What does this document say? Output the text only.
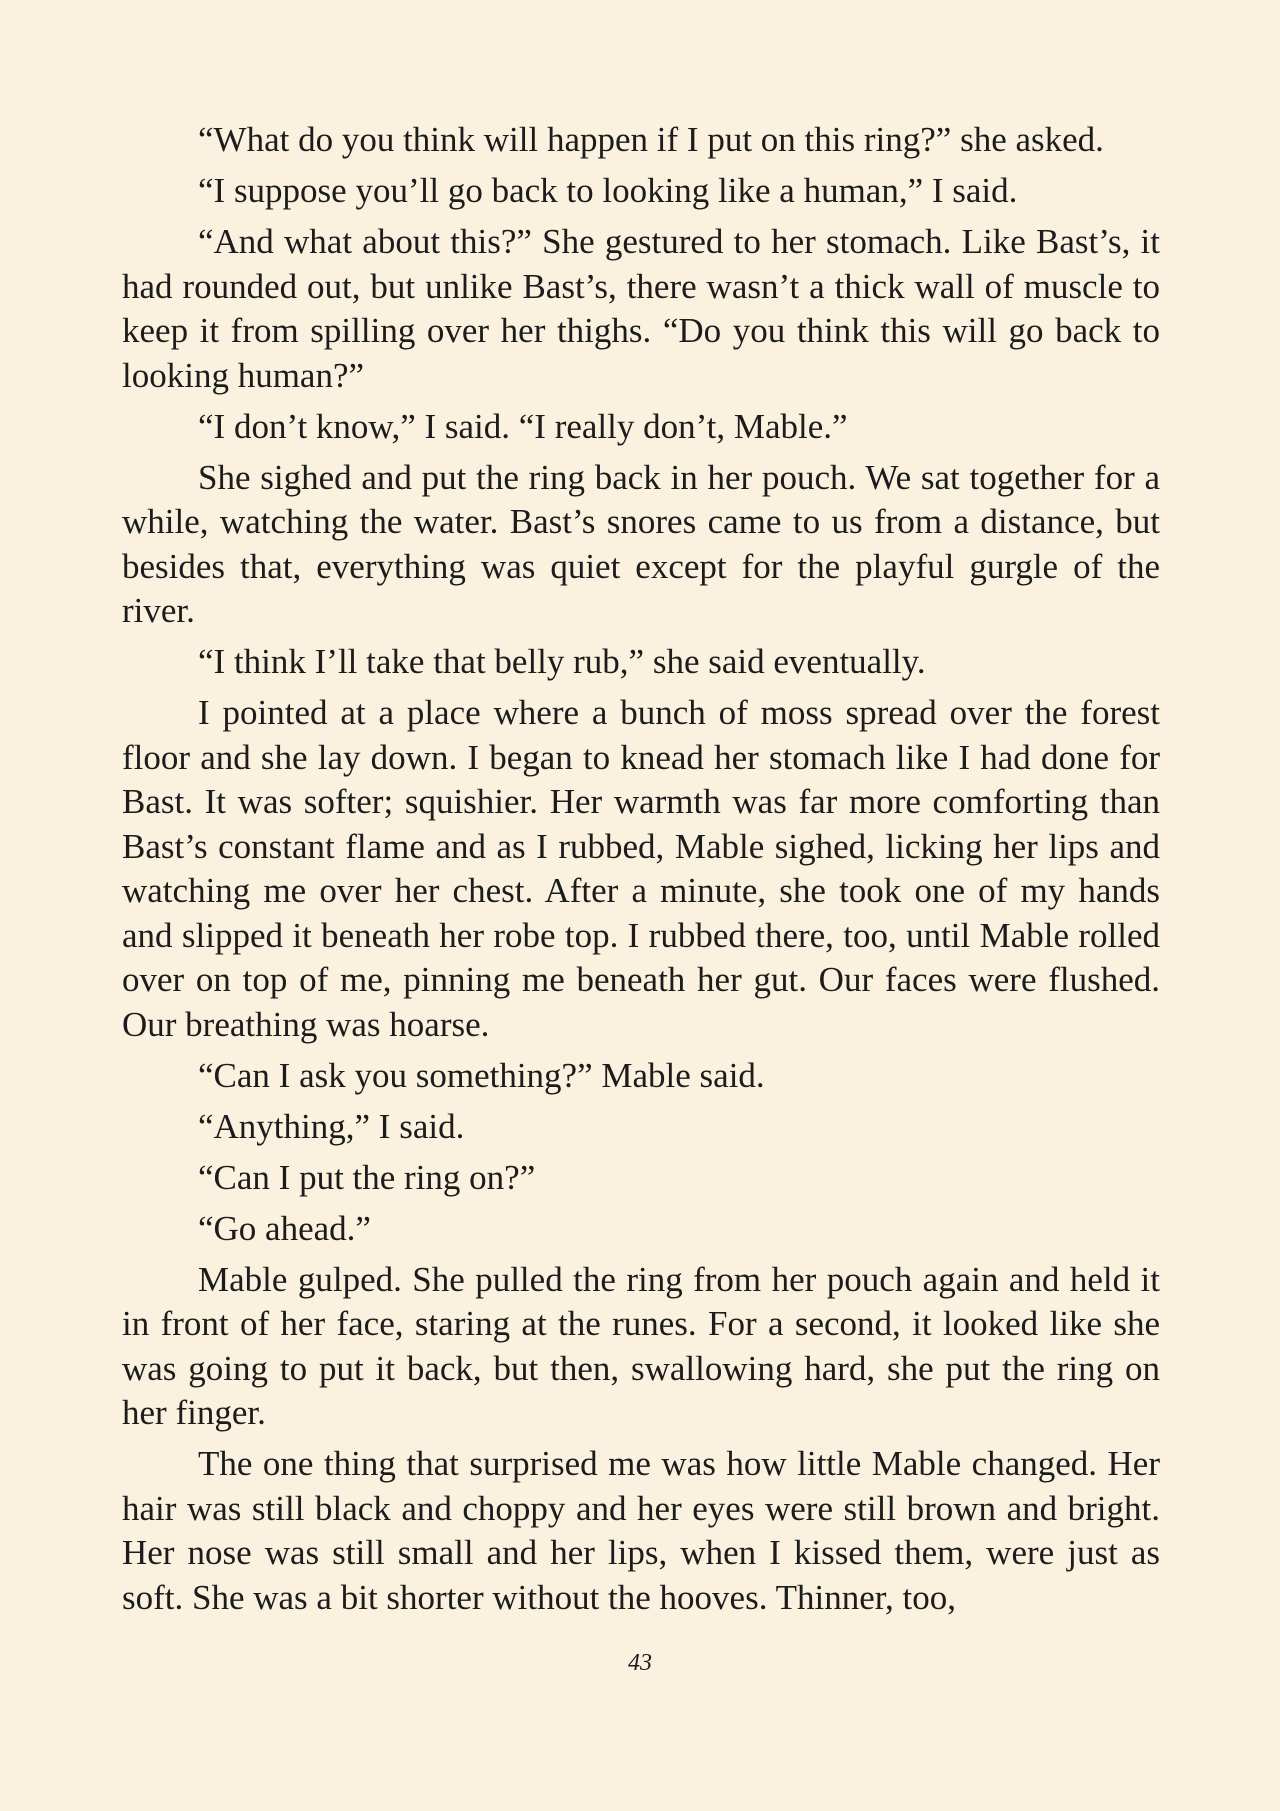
“What do you think will happen if I put on this ring?” she asked.

“I suppose you’ll go back to looking like a human,” I said.

“And what about this?” She gestured to her stomach. Like Bast’s, it had rounded out, but unlike Bast’s, there wasn’t a thick wall of muscle to keep it from spilling over her thighs. “Do you think this will go back to looking human?”

“I don’t know,” I said. “I really don’t, Mable.”

She sighed and put the ring back in her pouch. We sat together for a while, watching the water. Bast’s snores came to us from a distance, but besides that, everything was quiet except for the playful gurgle of the river.

“I think I’ll take that belly rub,” she said eventually.

I pointed at a place where a bunch of moss spread over the forest floor and she lay down. I began to knead her stomach like I had done for Bast. It was softer; squishier. Her warmth was far more comforting than Bast’s constant flame and as I rubbed, Mable sighed, licking her lips and watching me over her chest. After a minute, she took one of my hands and slipped it beneath her robe top. I rubbed there, too, until Mable rolled over on top of me, pinning me beneath her gut. Our faces were flushed. Our breathing was hoarse.

“Can I ask you something?” Mable said.

“Anything,” I said.

“Can I put the ring on?”

“Go ahead.”

Mable gulped. She pulled the ring from her pouch again and held it in front of her face, staring at the runes. For a second, it looked like she was going to put it back, but then, swallowing hard, she put the ring on her finger.

The one thing that surprised me was how little Mable changed. Her hair was still black and choppy and her eyes were still brown and bright. Her nose was still small and her lips, when I kissed them, were just as soft. She was a bit shorter without the hooves. Thinner, too,

43
